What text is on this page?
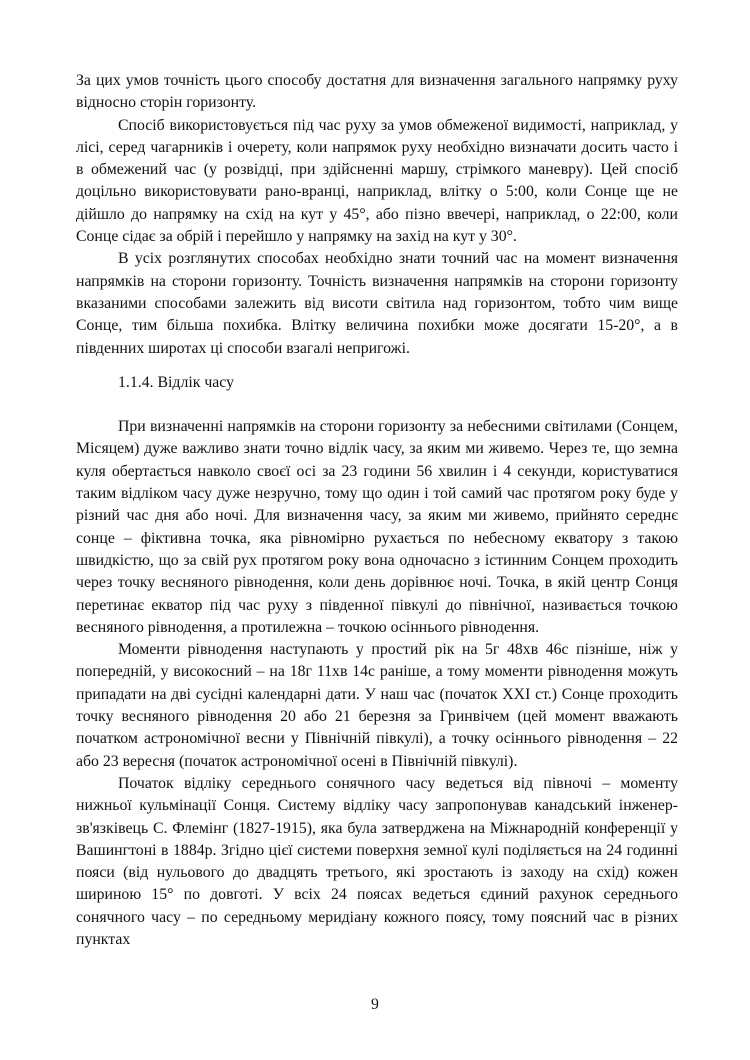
За цих умов точність цього способу достатня для визначення загального напрямку руху відносно сторін горизонту.

Спосіб використовується під час руху за умов обмеженої видимості, наприклад, у лісі, серед чагарників і очерету, коли напрямок руху необхідно визначати досить часто і в обмежений час (у розвідці, при здійсненні маршу, стрімкого маневру). Цей спосіб доцільно використовувати рано-вранці, наприклад, влітку о 5:00, коли Сонце ще не дійшло до напрямку на схід на кут у 45°, або пізно ввечері, наприклад, о 22:00, коли Сонце сідає за обрій і перейшло у напрямку на захід на кут у 30°.

В усіх розглянутих способах необхідно знати точний час на момент визначення напрямків на сторони горизонту. Точність визначення напрямків на сторони горизонту вказаними способами залежить від висоти світила над горизонтом, тобто чим вище Сонце, тим більша похибка. Влітку величина похибки може досягати 15-20°, а в південних широтах ці способи взагалі непригожі.

1.1.4. Відлік часу

При визначенні напрямків на сторони горизонту за небесними світилами (Сонцем, Місяцем) дуже важливо знати точно відлік часу, за яким ми живемо. Через те, що земна куля обертається навколо своєї осі за 23 години 56 хвилин і 4 секунди, користуватися таким відліком часу дуже незручно, тому що один і той самий час протягом року буде у різний час дня або ночі. Для визначення часу, за яким ми живемо, прийнято середнє сонце – фіктивна точка, яка рівномірно рухається по небесному екватору з такою швидкістю, що за свій рух протягом року вона одночасно з істинним Сонцем проходить через точку весняного рівнодення, коли день дорівнює ночі. Точка, в якій центр Сонця перетинає екватор під час руху з південної півкулі до північної, називається точкою весняного рівнодення, а протилежна – точкою осіннього рівнодення.

Моменти рівнодення наступають у простий рік на 5г 48хв 46с пізніше, ніж у попередній, у високосний – на 18г 11хв 14с раніше, а тому моменти рівнодення можуть припадати на дві сусідні календарні дати. У наш час (початок XXI ст.) Сонце проходить точку весняного рівнодення 20 або 21 березня за Гринвічем (цей момент вважають початком астрономічної весни у Північній півкулі), а точку осіннього рівнодення – 22 або 23 вересня (початок астрономічної осені в Північній півкулі).

Початок відліку середнього сонячного часу ведеться від півночі – моменту нижньої кульмінації Сонця. Систему відліку часу запропонував канадський інженер-зв'язківець С. Флемінг (1827-1915), яка була затверджена на Міжнародній конференції у Вашингтоні в 1884р. Згідно цієї системи поверхня земної кулі поділяється на 24 годинні пояси (від нульового до двадцять третього, які зростають із заходу на схід) кожен шириною 15° по довготі. У всіх 24 поясах ведеться єдиний рахунок середнього сонячного часу – по середньому меридіану кожного поясу, тому поясний час в різних пунктах

9
